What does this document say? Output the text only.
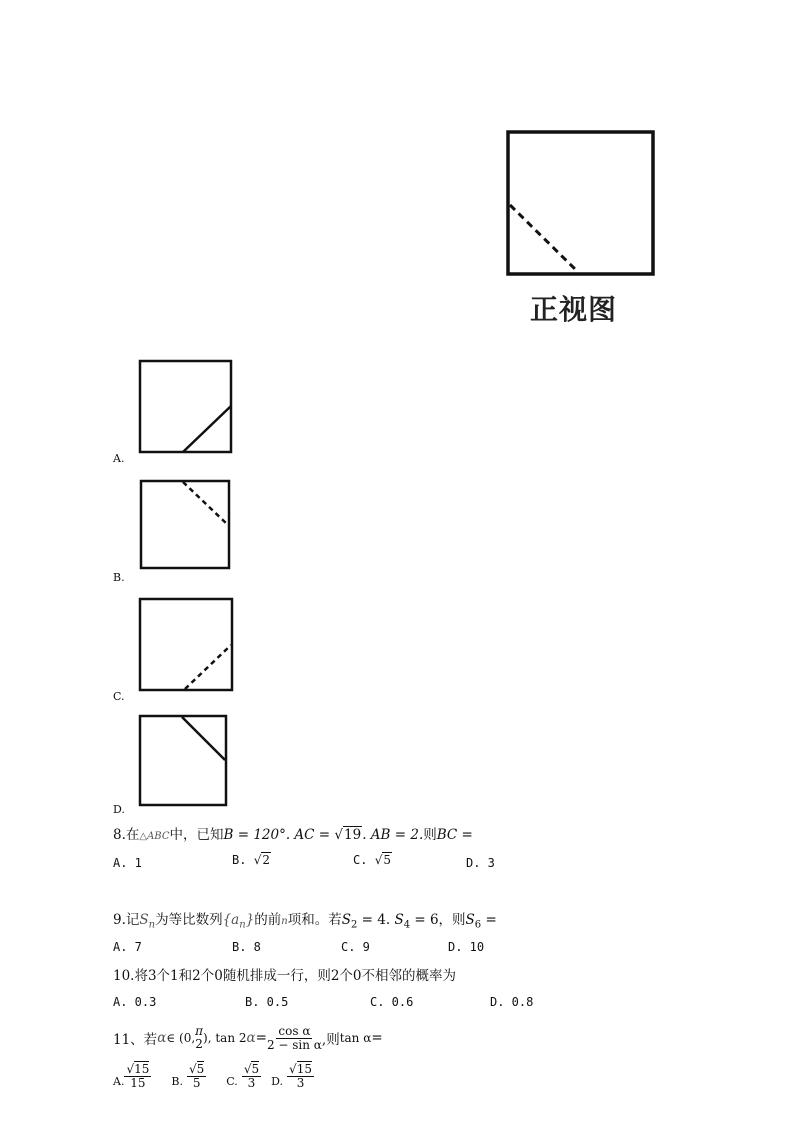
正视图
A.
B.
C.
D.
8.在△ABC中，已知B = 120°. AC = √19. AB = 2.则BC =
A. 1	B. √2	C. √5	D. 3
9.记$S_n$为等比数列$\{a_n\}$的前n项和。若$S_2 = 4$. $S_4 = 6$，则$S_6$ =
A. 7	B. 8	C. 9	D. 10
10.将3个1和2个0随机排成一行，则2个0不相邻的概率为
A. 0.3	B. 0.5	C. 0.6	D. 0.8
11、若 α ∈ (0, π
2 ), tan 2 $\alpha = \frac{\text{cos α}}{\text{2 − sin α}}$ ,则 tan α =
A. $\frac{√15}{15} B$. $\frac{√5}{5} C$. $\frac{√5}{3} D$. $\frac{√15}{3}$
